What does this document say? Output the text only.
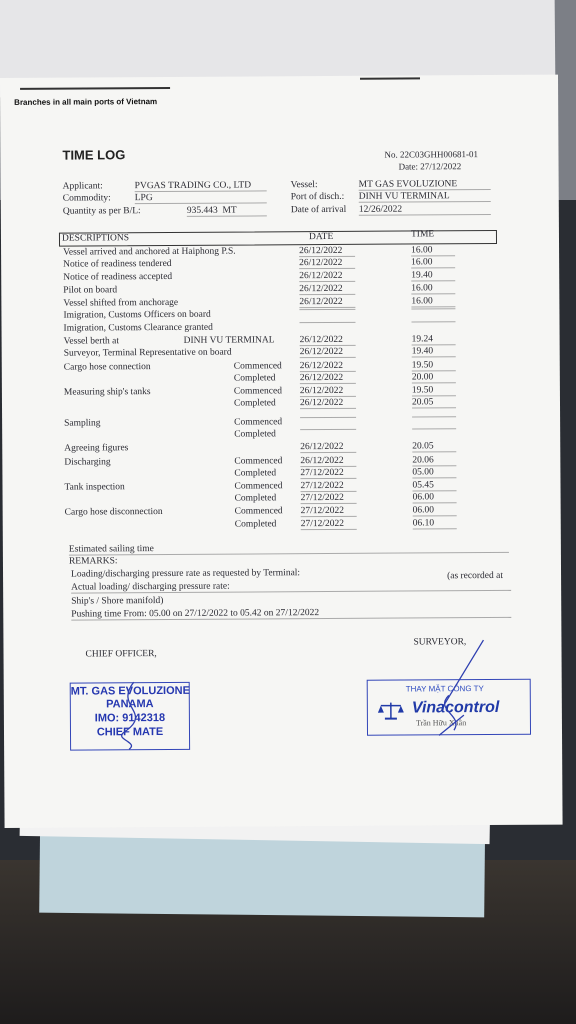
Branches in all main ports of Vietnam
TIME LOG	No. 22C03GHH00681-01
Date: 27/12/2022
Applicant:	PVGAS TRADING CO., LTD
Commodity:	LPG
Quantity as per B/L:	935.443 MT
Vessel:	MT GAS EVOLUZIONE
Port of disch.: DINH VU TERMINAL
Date of arrival 12/26/2022
DESCRIPTIONS	DATE	TIME
Vessel arrived and anchored at Haiphong P.S.	26/12/2022	16.00
Notice of readiness tendered	26/12/2022	16.00
Notice of readiness accepted	26/12/2022	19.40
Pilot on board	26/12/2022	16.00
Vessel shifted from anchorage	26/12/2022	16.00
Imigration, Customs Officers on board
Imigration, Customs Clearance granted
Vessel berth at	DINH VU TERMINAL	26/12/2022	19.24
Surveyor, Terminal Representative on board	26/12/2022	19.40
Cargo hose connection	Commenced 26/12/2022	19.50
Completed	26/12/2022	20.00
Measuring ship's tanks	Commenced 26/12/2022	19.50
Completed	26/12/2022	20.05
Sampling	Commenced
Completed
Agreeing figures	26/12/2022	20.05
Discharging	Commenced 26/12/2022	20.06
Completed	27/12/2022	05.00
Tank inspection	Commenced 27/12/2022	05.45
Completed	27/12/2022	06.00
Cargo hose disconnection	Commenced 27/12/2022	06.00
Completed	27/12/2022	06.10
Estimated sailing time
REMARKS:
Loading/discharging pressure rate as requested by Terminal:	(as recorded at
Actual loading/ discharging pressure rate:
Ship's / Shore manifold)
Pushing time From: 05.00 on 27/12/2022 to 05.42 on 27/12/2022
CHIEF OFFICER,
SURVEYOR,
MT. GAS EVOLUZIONE
PANAMA
IMO: 9142318
CHIEF MATE
THAY MẶT CÔNG TY
Vinacontrol
Trần Hữu Xuân
